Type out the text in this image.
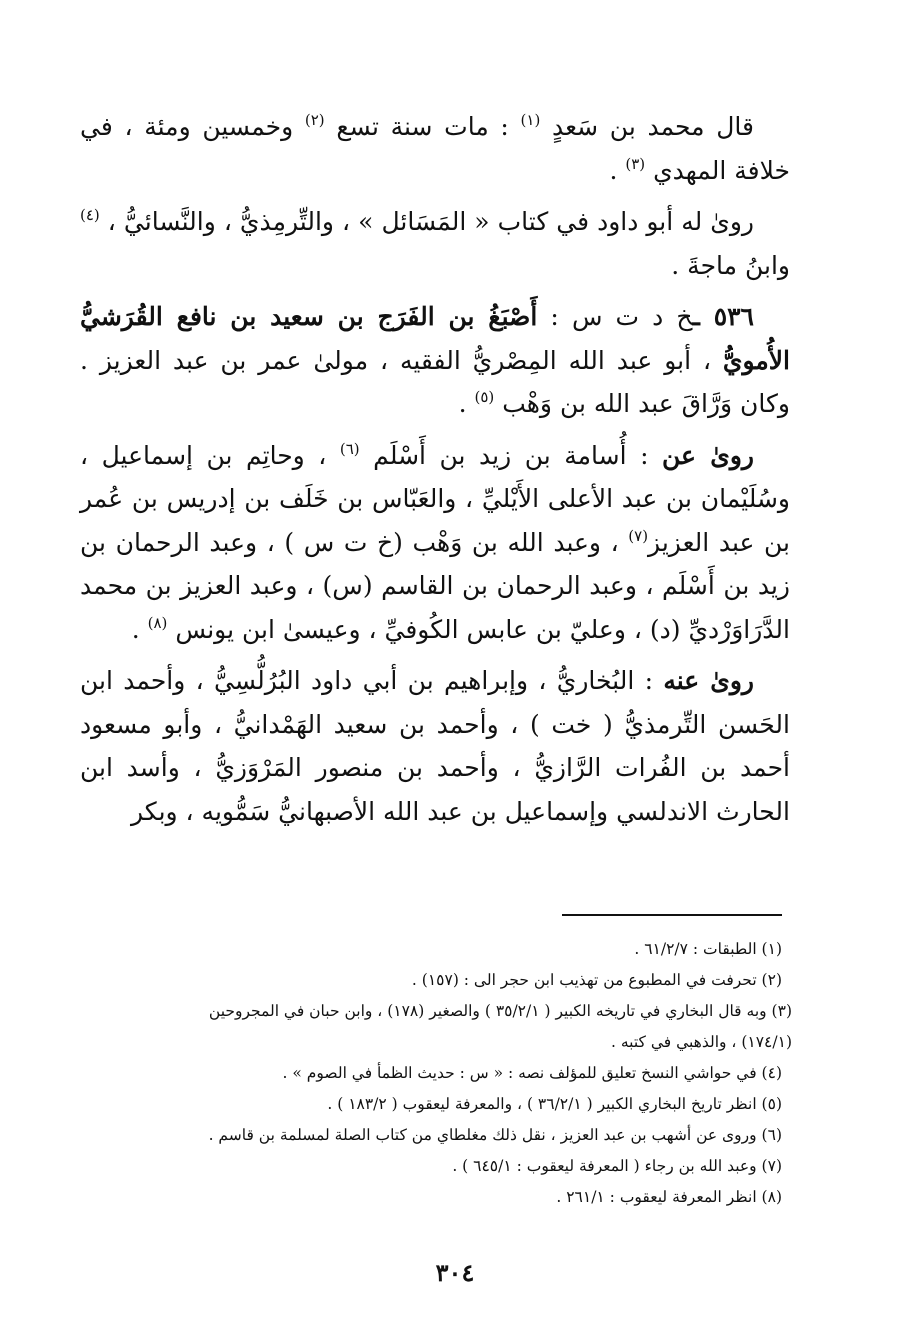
قال محمد بن سَعدٍ $^{(١)}$ : مات سنة تسع $^{(٢)}$ وخمسين ومئة ، في خلافة المهدي $^{(٣)}$ .

روىٰ له أبو داود في كتاب « المَسَائل » ، والتِّرمِذيُّ ، والنَّسائيُّ ، $^{(٤)}$ وابنُ ماجةَ .

٥٣٦ ـخ د ت س : أَصْبَغُ بن الفَرَج بن سعيد بن نافع القُرَشيُّ الأُمويُّ ، أبو عبد الله المِصْريُّ الفقيه ، مولىٰ عمر بن عبد العزيز . وكان وَرَّاقَ عبد الله بن وَهْب $^{(٥)}$ .

روىٰ عن : أُسامة بن زيد بن أَسْلَم $^{(٦)}$ ، وحاتِم بن إسماعيل ، وسُلَيْمان بن عبد الأعلى الأَيْليِّ ، والعَبّاس بن خَلَف بن إدريس بن عُمر بن عبد العزيز$^{(٧)}$ ، وعبد الله بن وَهْب (خ ت س ) ، وعبد الرحمان بن زيد بن أَسْلَم ، وعبد الرحمان بن القاسم (س) ، وعبد العزيز بن محمد الدَّرَاوَرْديِّ (د) ، وعليّ بن عابس الكُوفيِّ ، وعيسىٰ ابن يونس $^{(٨)}$ .

روىٰ عنه : البُخاريُّ ، وإبراهيم بن أبي داود البُرُلُّسِيُّ ، وأحمد ابن الحَسن التِّرمذيُّ ( خت ) ، وأحمد بن سعيد الهَمْدانيُّ ، وأبو مسعود أحمد بن الفُرات الرَّازيُّ ، وأحمد بن منصور المَرْوَزيُّ ، وأسد ابن الحارث الاندلسي وإسماعيل بن عبد الله الأصبهانيُّ سَمُّويه ، وبكر

(١) الطبقات : ٦١/٢/٧ .

(٢) تحرفت في المطبوع من تهذيب ابن حجر الى : (١٥٧) .

(٣) وبه قال البخاري في تاريخه الكبير ( ٣٥/٢/١ ) والصغير (١٧٨) ، وابن حبان في المجروحين

(١٧٤/١) ، والذهبي في كتبه .

(٤) في حواشي النسخ تعليق للمؤلف نصه : « س : حديث الظمأ في الصوم » .

(٥) انظر تاريخ البخاري الكبير ( ٣٦/٢/١ ) ، والمعرفة ليعقوب ( ١٨٣/٢ ) .

(٦) وروى عن أشهب بن عبد العزيز ، نقل ذلك مغلطاي من كتاب الصلة لمسلمة بن قاسم .

(٧) وعبد الله بن رجاء ( المعرفة ليعقوب : ٦٤٥/١ ) .

(٨) انظر المعرفة ليعقوب : ٢٦١/١ .

٣٠٤
